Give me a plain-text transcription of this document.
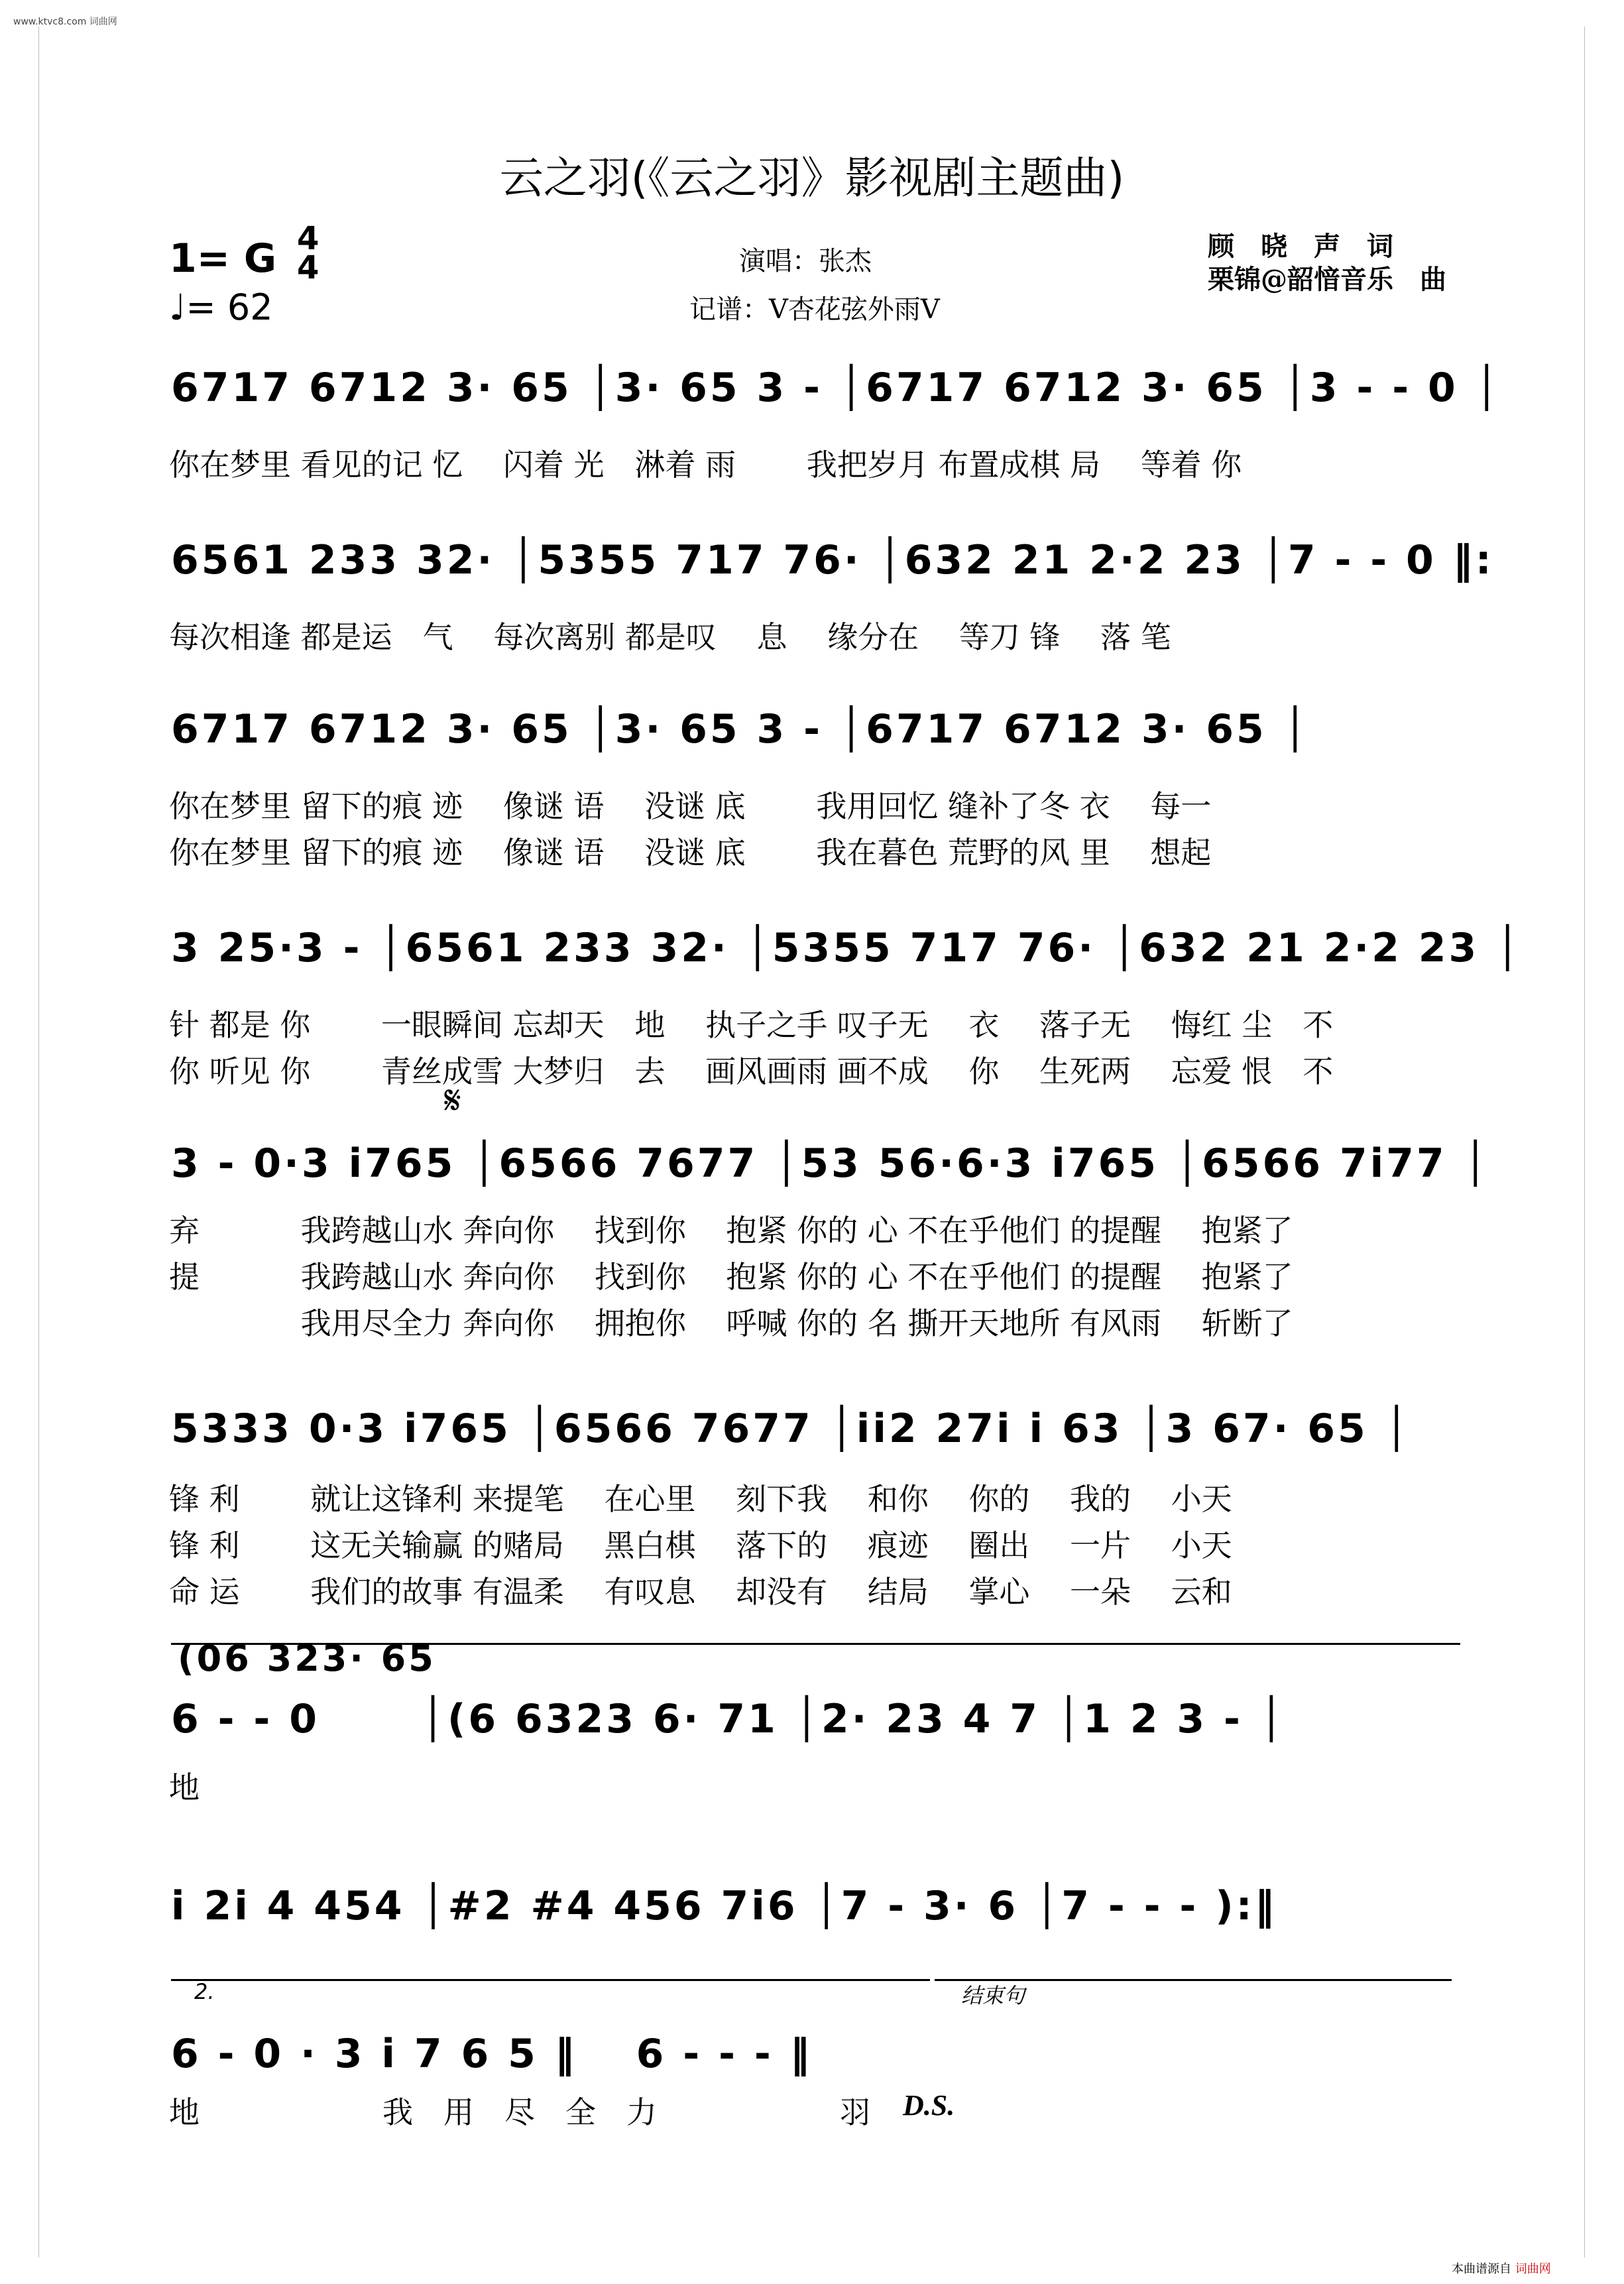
www.ktvc8.com 词曲网
云之羽(《云之羽》影视剧主题曲)
1= G 4
4
♩= 62
演唱：张杰
记谱：V杏花弦外雨V
顾　晓　声　词
栗锦@韶愔音乐　曲
6717 6712 3· 65 │3· 65 3 - │6717 6712 3· 65 │3 - - 0 │
你在梦里 看见的记 忆　 闪着 光　淋着 雨　　 我把岁月 布置成棋 局　 等着 你
6561 233 32· │5355 717 76· │632 21 2·2 23 │7 - - 0 ‖:
每次相逢 都是运　气　 每次离别 都是叹　 息　 缘分在　 等刀 锋　 落 笔
6717 6712 3· 65 │3· 65 3 - │6717 6712 3· 65 │
你在梦里 留下的痕 迹　 像谜 语　 没谜 底　　 我用回忆 缝补了冬 衣　 每一
你在梦里 留下的痕 迹　 像谜 语　 没谜 底　　 我在暮色 荒野的风 里　 想起
3 25·3 - │6561 233 32· │5355 717 76· │632 21 2·2 23 │
针 都是 你　　 一眼瞬间 忘却天　地　 执子之手 叹子无　 衣　 落子无　 悔红 尘　不
你 听见 你　　 青丝成雪 大梦归　去　 画风画雨 画不成　 你　 生死两　 忘爱 恨　不
𝄋
3 - 0·3 i765 │6566 7677 │53 56·6·3 i765 │6566 7i77 │
弃　　　 我跨越山水 奔向你　 找到你　 抱紧 你的 心 不在乎他们 的提醒　 抱紧了
提　　　 我跨越山水 奔向你　 找到你　 抱紧 你的 心 不在乎他们 的提醒　 抱紧了
　　　　 我用尽全力 奔向你　 拥抱你　 呼喊 你的 名 撕开天地所 有风雨　 斩断了
5333 0·3 i765 │6566 7677 │ii2 27i i 63 │3 67· 65 │
锋 利　　 就让这锋利 来提笔　 在心里　 刻下我　 和你　 你的　 我的　 小天
锋 利　　 这无关输赢 的赌局　 黑白棋　 落下的　 痕迹　 圈出　 一片　 小天
命 运　　 我们的故事 有温柔　 有叹息　 却没有　 结局　 掌心　 一朵　 云和
(06 323· 65
6 - - 0 　　│(6 6323 6· 71 │2· 23 4 7 │1 2 3 - │
地
i 2i 4 454 │#2 #4 456 7i6 │7 - 3· 6 │7 - - - ):‖
2.	结束句
6 - 0 · 3 i 7 6 5 ‖　 6 - - - ‖
地　　　　　　我　用　尽　全　力　　　　　　羽 D.S.
本曲谱源自 词曲网
